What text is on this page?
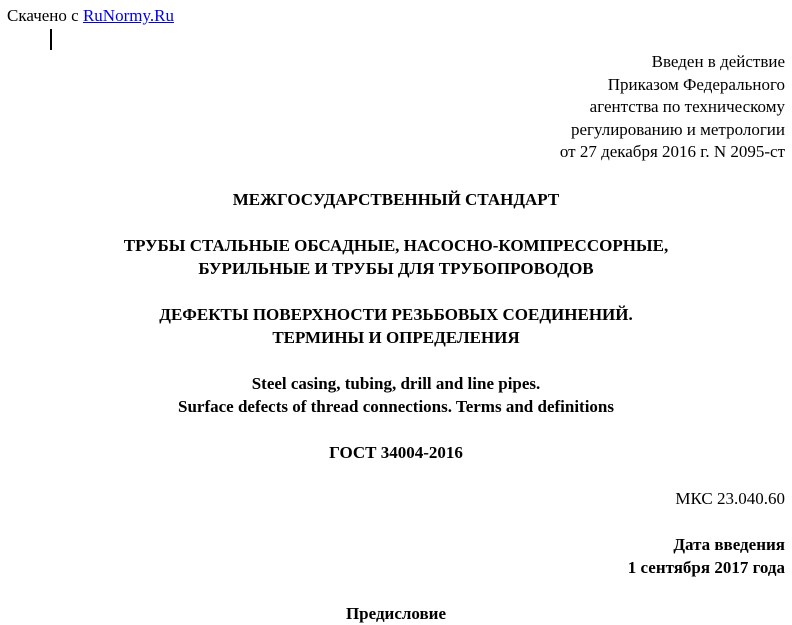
Скачено с RuNormy.Ru
Введен в действие
Приказом Федерального
агентства по техническому
регулированию и метрологии
от 27 декабря 2016 г. N 2095-ст
МЕЖГОСУДАРСТВЕННЫЙ СТАНДАРТ
ТРУБЫ СТАЛЬНЫЕ ОБСАДНЫЕ, НАСОСНО-КОМПРЕССОРНЫЕ,
БУРИЛЬНЫЕ И ТРУБЫ ДЛЯ ТРУБОПРОВОДОВ
ДЕФЕКТЫ ПОВЕРХНОСТИ РЕЗЬБОВЫХ СОЕДИНЕНИЙ.
ТЕРМИНЫ И ОПРЕДЕЛЕНИЯ
Steel casing, tubing, drill and line pipes.
Surface defects of thread connections. Terms and definitions
ГОСТ 34004-2016
МКС 23.040.60
Дата введения
1 сентября 2017 года
Предисловие
